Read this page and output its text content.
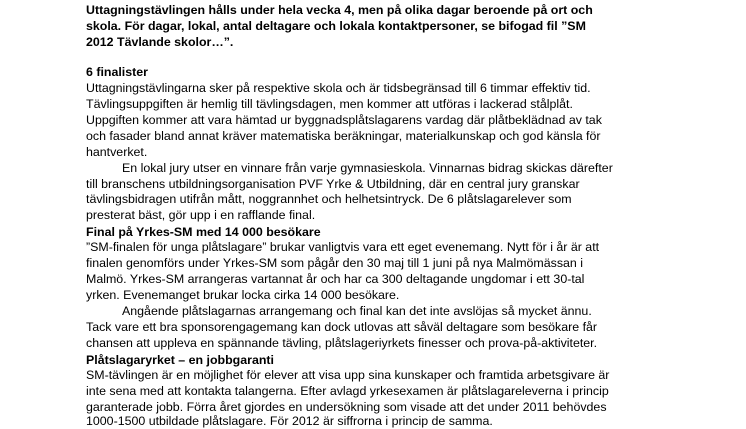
Uttagningstävlingen hålls under hela vecka 4, men på olika dagar beroende på ort och
skola. För dagar, lokal, antal deltagare och lokala kontaktpersoner, se bifogad fil ”SM
2012 Tävlande skolor…”.
6 finalister
Uttagningstävlingarna sker på respektive skola och är tidsbegränsad till 6 timmar effektiv tid.
Tävlingsuppgiften är hemlig till tävlingsdagen, men kommer att utföras i lackerad stålplåt.
Uppgiften kommer att vara hämtad ur byggnadsplåtslagarens vardag där plåtbeklädnad av tak
och fasader bland annat kräver matematiska beräkningar, materialkunskap och god känsla för
hantverket.
En lokal jury utser en vinnare från varje gymnasieskola. Vinnarnas bidrag skickas därefter
till branschens utbildningsorganisation PVF Yrke & Utbildning, där en central jury granskar
tävlingsbidragen utifrån mått, noggrannhet och helhetsintryck. De 6 plåtslagarelever som
presterat bäst, gör upp i en rafflande final.
Final på Yrkes-SM med 14 000 besökare
”SM-finalen för unga plåtslagare” brukar vanligtvis vara ett eget evenemang. Nytt för i år är att
finalen genomförs under Yrkes-SM som pågår den 30 maj till 1 juni på nya Malmömässan i
Malmö. Yrkes-SM arrangeras vartannat år och har ca 300 deltagande ungdomar i ett 30-tal
yrken. Evenemanget brukar locka cirka 14 000 besökare.
Angående plåtslagarnas arrangemang och final kan det inte avslöjas så mycket ännu.
Tack vare ett bra sponsorengagemang kan dock utlovas att såväl deltagare som besökare får
chansen att uppleva en spännande tävling, plåtslageriyrkets finesser och prova-på-aktiviteter.
Plåtslagaryrket – en jobbgaranti
SM-tävlingen är en möjlighet för elever att visa upp sina kunskaper och framtida arbetsgivare är
inte sena med att kontakta talangerna. Efter avlagd yrkesexamen är plåtslagareleverna i princip
garanterade jobb. Förra året gjordes en undersökning som visade att det under 2011 behövdes
1000-1500 utbildade plåtslagare. För 2012 är siffrorna i princip de samma.
